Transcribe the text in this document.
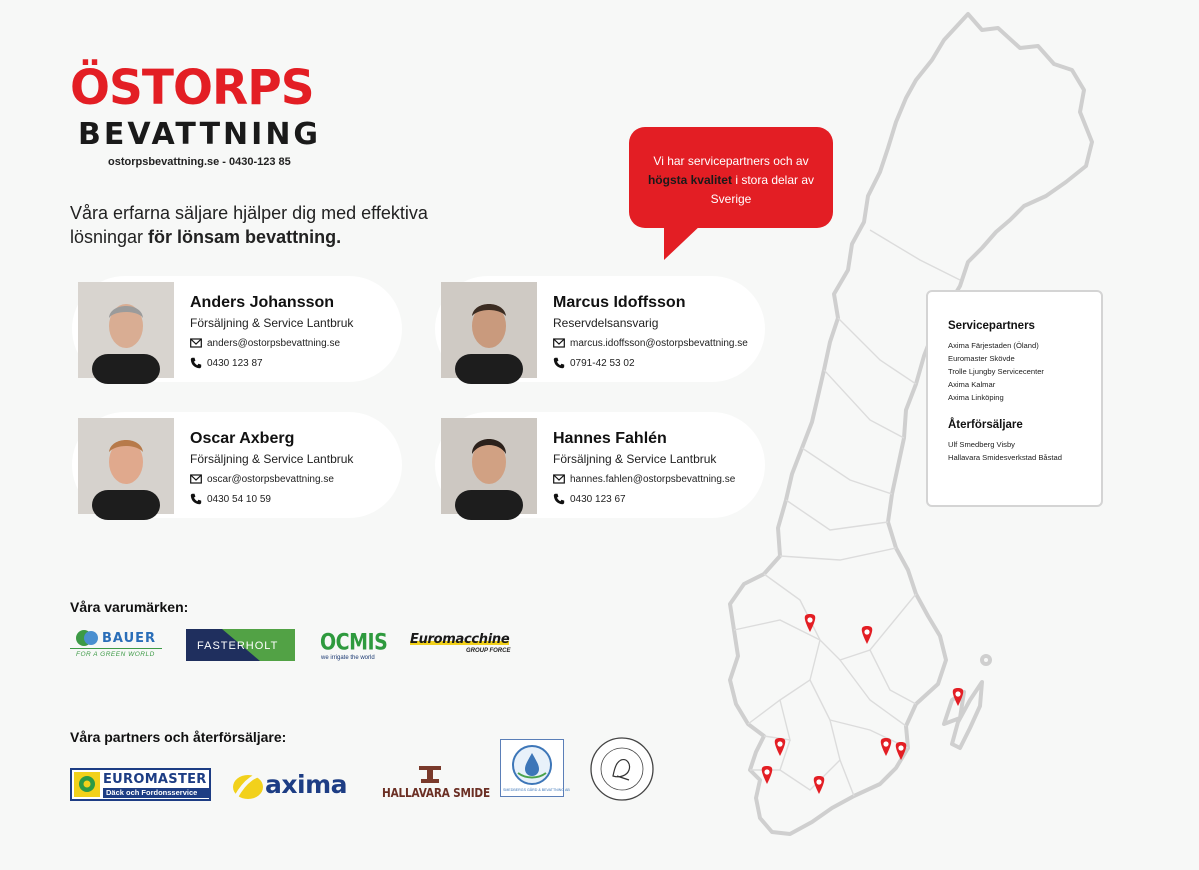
ÖSTORPS
BEVATTNING
ostorpsbevattning.se - 0430-123 85
Våra erfarna säljare hjälper dig med effektiva lösningar för lönsam bevattning.
Anders Johansson
Försäljning & Service Lantbruk
anders@ostorpsbevattning.se
0430 123 87
Marcus Idoffsson
Reservdelsansvarig
marcus.idoffsson@ostorpsbevattning.se
0791-42 53 02
Oscar Axberg
Försäljning & Service Lantbruk
oscar@ostorpsbevattning.se
0430 54 10 59
Hannes Fahlén
Försäljning & Service Lantbruk
hannes.fahlen@ostorpsbevattning.se
0430 123 67
Vi har servicepartners och av högsta kvalitet i stora delar av Sverige
Servicepartners
Axima Färjestaden (Öland)
Euromaster Skövde
Trolle Ljungby Servicecenter
Axima Kalmar
Axima Linköping
Återförsäljare
Ulf Smedberg Visby
Hallavara Smidesverkstad Båstad
Våra varumärken:
BAUER
FOR A GREEN WORLD
FASTERHOLT OCMIS
we irrigate the world
Euromacchine
GROUP FORCE
Våra partners och återförsäljare:
EUROMASTER
Däck och Fordonsservice	axima	HALLAVARA SMIDE	SMEDBERGS GÅRD & BEVATTNING AB
